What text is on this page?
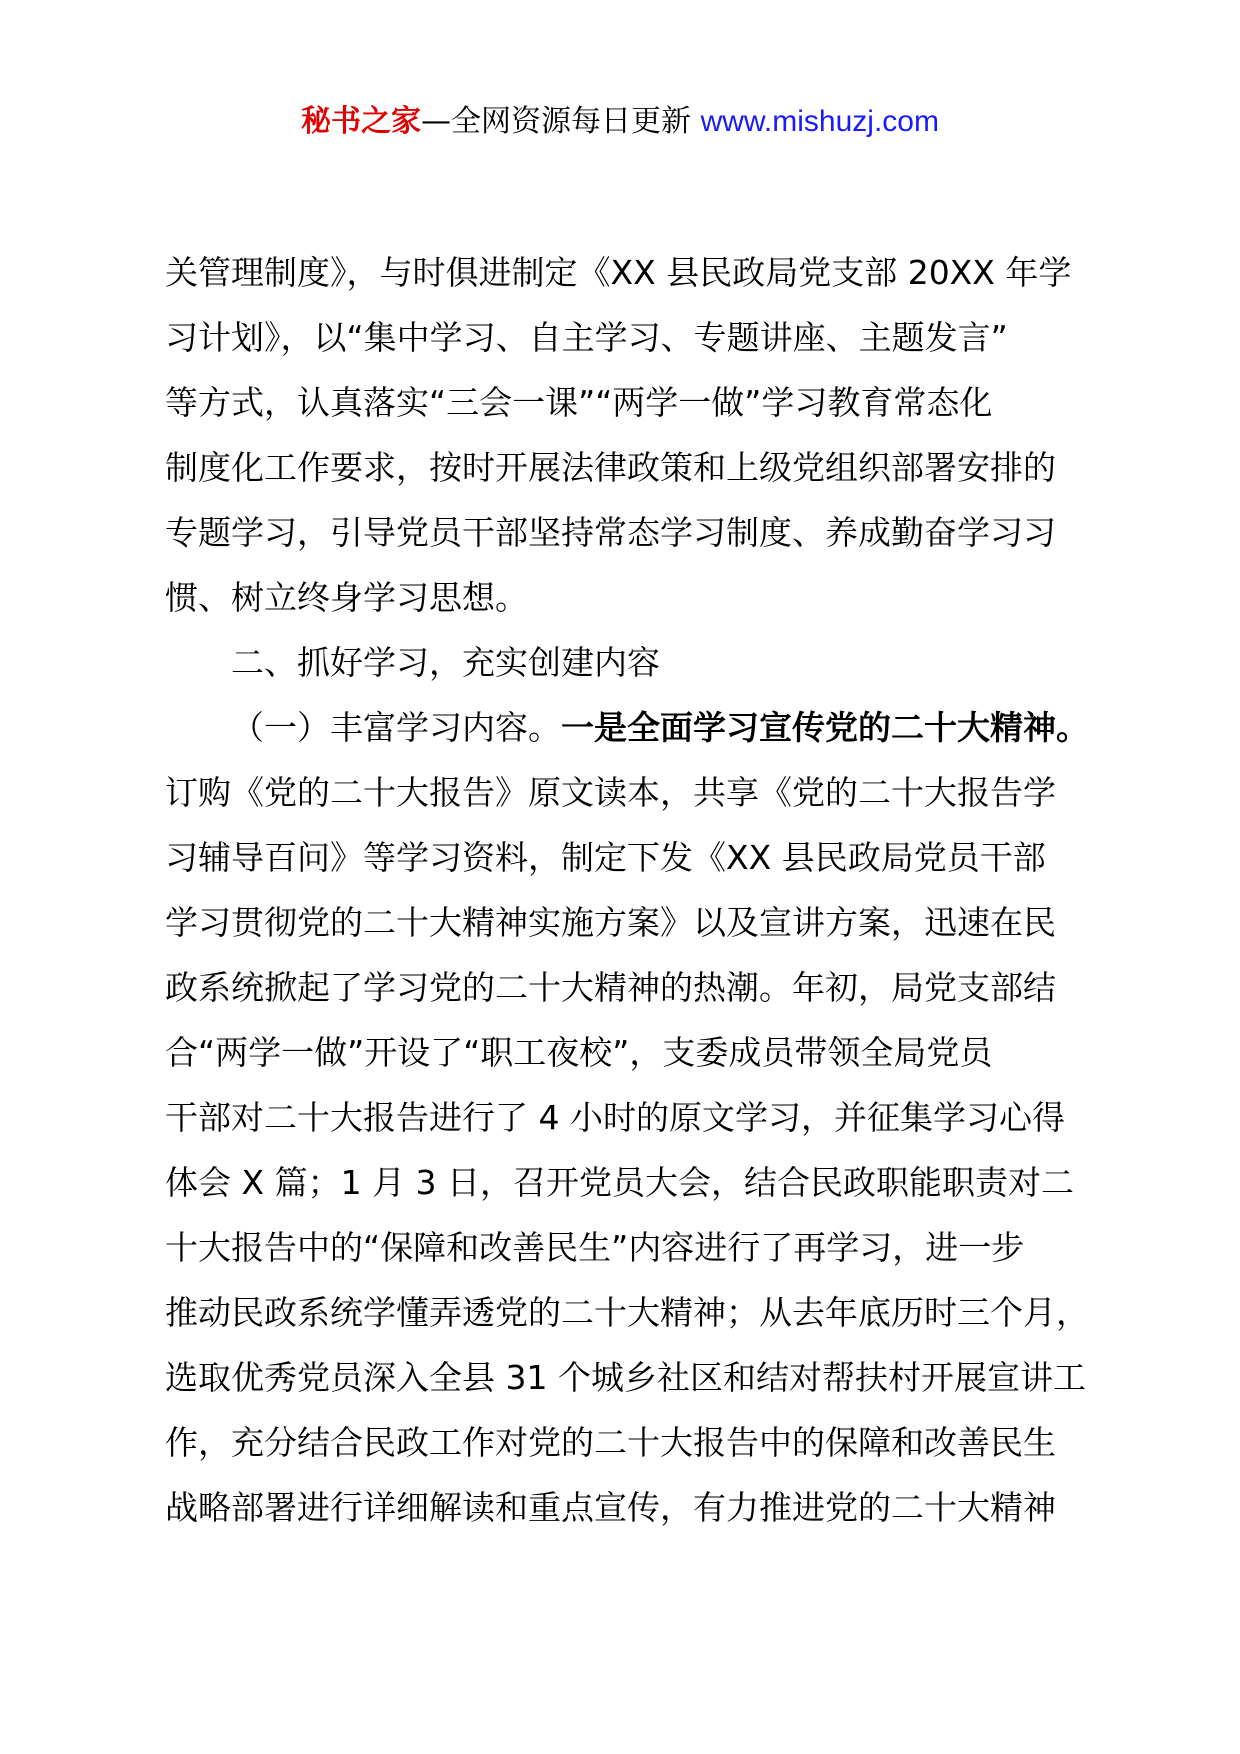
秘书之家—全网资源每日更新 www.mishuzj.com
关管理制度》，与时俱进制定《XX 县民政局党支部 20XX 年学
习计划》，以“集中学习、自主学习、专题讲座、主题发言”
等方式，认真落实“三会一课”“两学一做”学习教育常态化
制度化工作要求，按时开展法律政策和上级党组织部署安排的
专题学习，引导党员干部坚持常态学习制度、养成勤奋学习习
惯、树立终身学习思想。
二、抓好学习，充实创建内容
（一）丰富学习内容。一是全面学习宣传党的二十大精神。
订购《党的二十大报告》原文读本，共享《党的二十大报告学
习辅导百问》等学习资料，制定下发《XX 县民政局党员干部
学习贯彻党的二十大精神实施方案》以及宣讲方案，迅速在民
政系统掀起了学习党的二十大精神的热潮。年初，局党支部结
合“两学一做”开设了“职工夜校”，支委成员带领全局党员
干部对二十大报告进行了 4 小时的原文学习，并征集学习心得
体会 X 篇；1 月 3 日，召开党员大会，结合民政职能职责对二
十大报告中的“保障和改善民生”内容进行了再学习，进一步
推动民政系统学懂弄透党的二十大精神；从去年底历时三个月，
选取优秀党员深入全县 31 个城乡社区和结对帮扶村开展宣讲工
作，充分结合民政工作对党的二十大报告中的保障和改善民生
战略部署进行详细解读和重点宣传，有力推进党的二十大精神
